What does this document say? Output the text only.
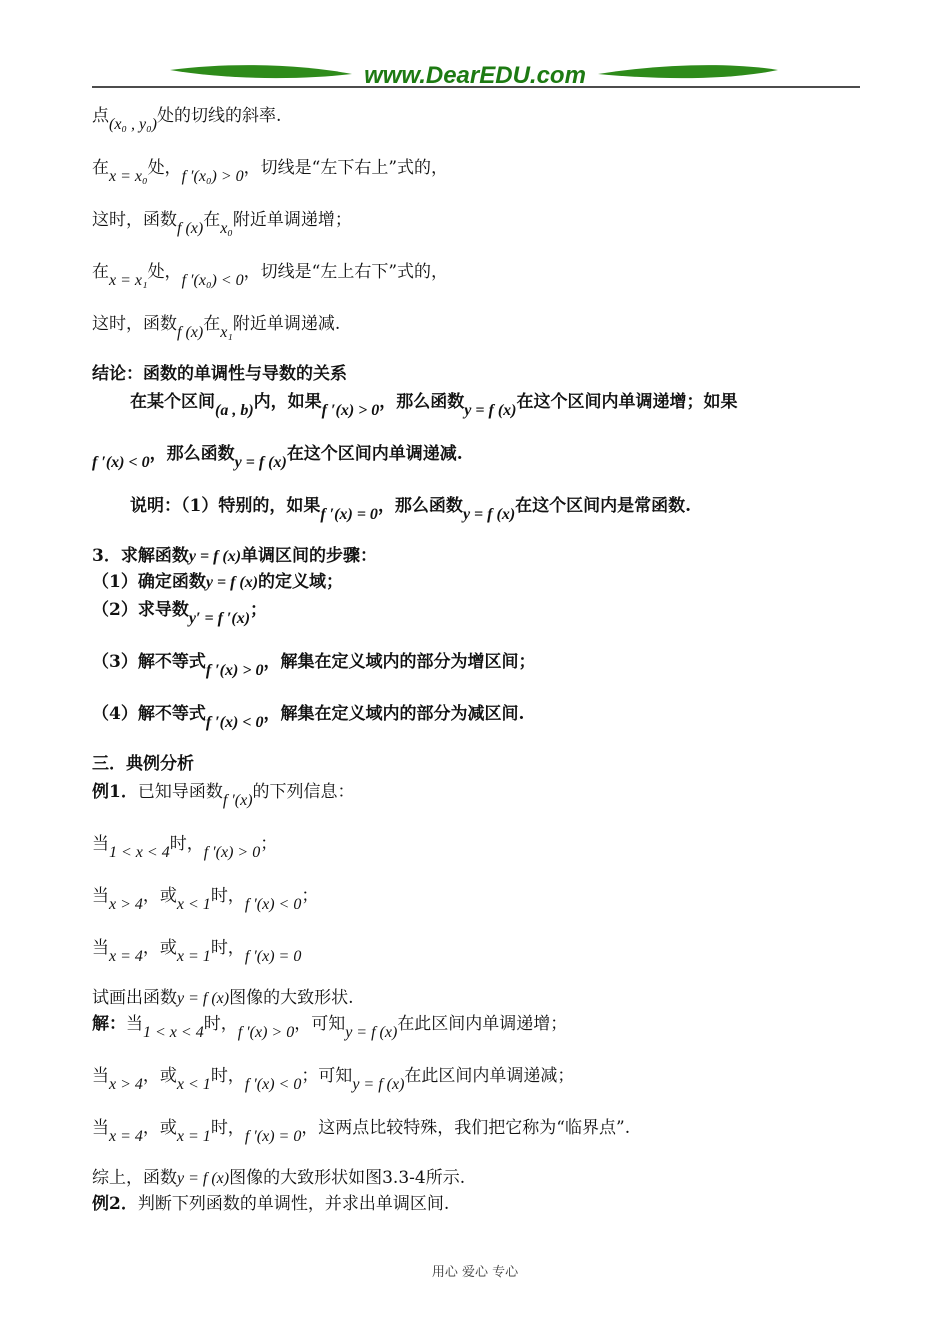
www.DearEDU.com
点(x₀ , y₀)处的切线的斜率.
在x = x₀处，f ′(x₀) > 0，切线是“左下右上”式的，
这时，函数f (x)在x₀附近单调递增；
在x = x₁处，f ′(x₀) < 0，切线是“左上右下”式的，
这时，函数f (x)在x₁附近单调递减.
结论：函数的单调性与导数的关系
在某个区间(a , b)内，如果f ′(x) > 0，那么函数y = f (x)在这个区间内单调递增；如果
f ′(x) < 0，那么函数y = f (x)在这个区间内单调递减.
说明：（1）特别的，如果f ′(x) = 0，那么函数y = f (x)在这个区间内是常函数.
3．求解函数y = f (x)单调区间的步骤：
（1）确定函数y = f (x)的定义域；
（2）求导数y′ = f ′(x)；
（3）解不等式f ′(x) > 0，解集在定义域内的部分为增区间；
（4）解不等式f ′(x) < 0，解集在定义域内的部分为减区间.
三．典例分析
例1．已知导函数f ′(x)的下列信息：
当1 < x < 4时，f ′(x) > 0；
当x > 4，或x < 1时，f ′(x) < 0；
当x = 4，或x = 1时，f ′(x) = 0
试画出函数y = f (x)图像的大致形状.
解：当1 < x < 4时，f ′(x) > 0，可知y = f (x)在此区间内单调递增；
当x > 4，或x < 1时，f ′(x) < 0；可知y = f (x)在此区间内单调递减；
当x = 4，或x = 1时，f ′(x) = 0，这两点比较特殊，我们把它称为“临界点”.
综上，函数y = f (x)图像的大致形状如图3.3-4所示.
例2．判断下列函数的单调性，并求出单调区间.
用心 爱心 专心
